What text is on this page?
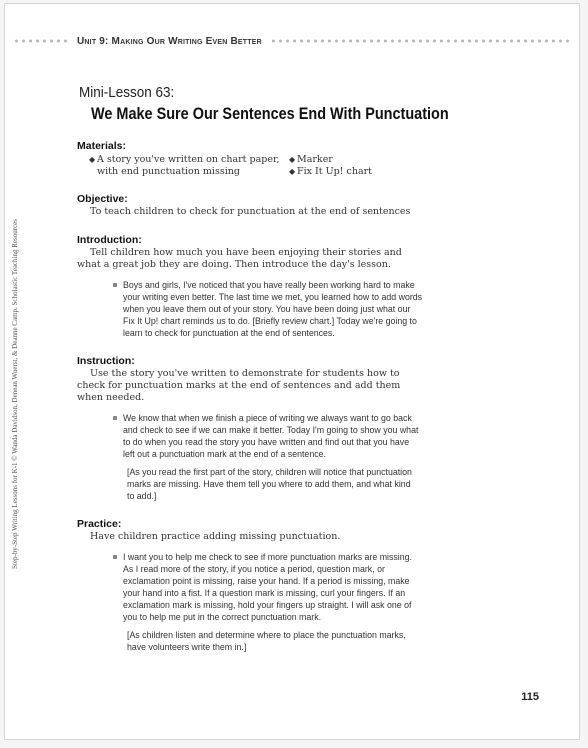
Unit 9: Making Our Writing Even Better
Step-by-Step Writing Lessons for K-1 © Wanda Davidson, Denean Wuerst, & Deanne Camp, Scholastic Teaching Resources
Mini-Lesson 63:
We Make Sure Our Sentences End With Punctuation
Materials:
◆ A story you've written on chart paper, with end punctuation missing
◆ Marker
◆ Fix It Up! chart
Objective:

To teach children to check for punctuation at the end of sentences

Introduction:

Tell children how much you have been enjoying their stories and what a great job they are doing. Then introduce the day's lesson.

Boys and girls, I've noticed that you have really been working hard to make your writing even better. The last time we met, you learned how to add words when you leave them out of your story. You have been doing just what our Fix It Up! chart reminds us to do. [Briefly review chart.] Today we're going to learn to check for punctuation at the end of sentences.
Instruction:

Use the story you've written to demonstrate for students how to check for punctuation marks at the end of sentences and add them when needed.

We know that when we finish a piece of writing we always want to go back and check to see if we can make it better. Today I'm going to show you what to do when you read the story you have written and find out that you have left out a punctuation mark at the end of a sentence.
[As you read the first part of the story, children will notice that punctuation marks are missing. Have them tell you where to add them, and what kind to add.]
Practice:

Have children practice adding missing punctuation.

I want you to help me check to see if more punctuation marks are missing. As I read more of the story, if you notice a period, question mark, or exclamation point is missing, raise your hand. If a period is missing, make your hand into a fist. If a question mark is missing, curl your fingers. If an exclamation mark is missing, hold your fingers up straight. I will ask one of you to help me put in the correct punctuation mark.
[As children listen and determine where to place the punctuation marks, have volunteers write them in.]
115
